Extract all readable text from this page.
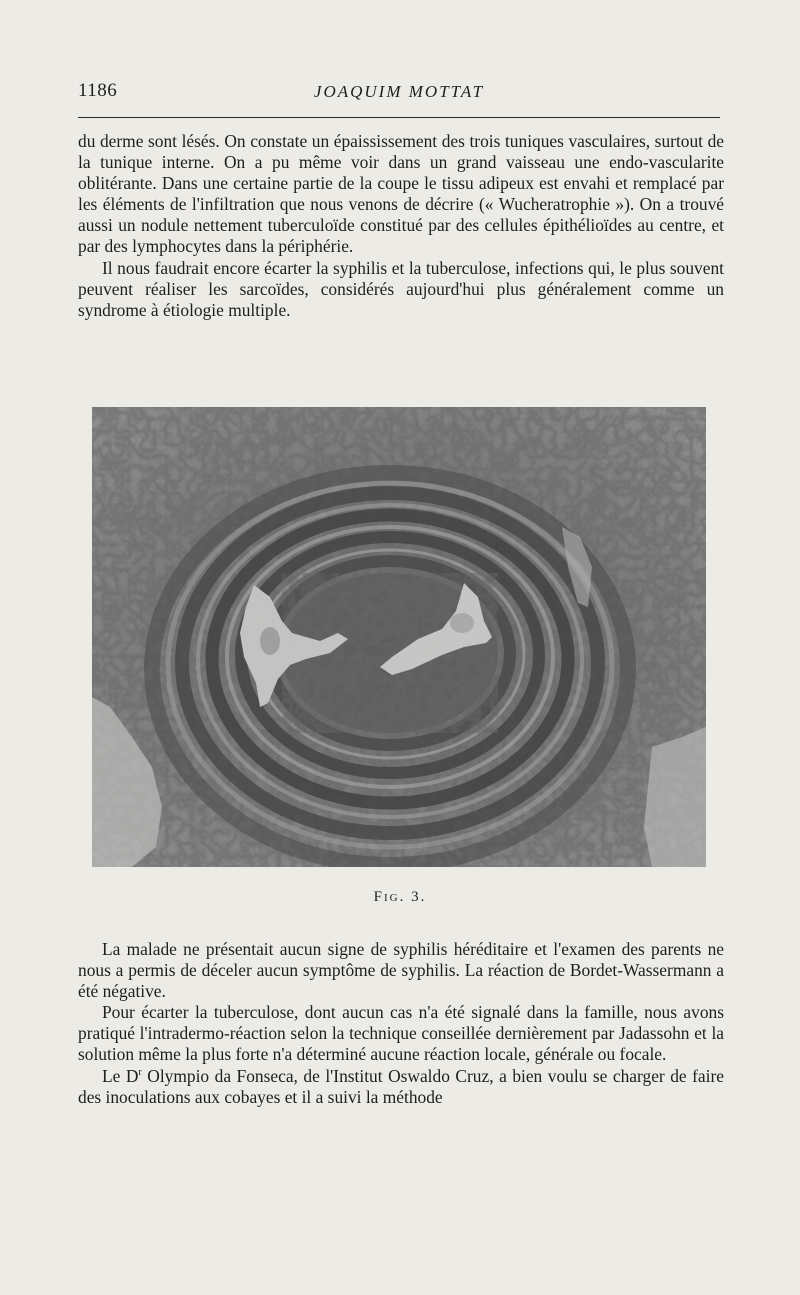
1186	JOAQUIM MOTTAT

du derme sont lésés. On constate un épaississement des trois tuniques vasculaires, surtout de la tunique interne. On a pu même voir dans un grand vaisseau une endo-vascularite oblitérante. Dans une certaine partie de la coupe le tissu adipeux est envahi et remplacé par les éléments de l'infiltration que nous venons de décrire (« Wucheratrophie »). On a trouvé aussi un nodule nettement tuberculoïde constitué par des cellules épithélioïdes au centre, et par des lymphocytes dans la périphérie.

Il nous faudrait encore écarter la syphilis et la tuberculose, infections qui, le plus souvent peuvent réaliser les sarcoïdes, considérés aujourd'hui plus généralement comme un syndrome à étiologie multiple.

Fig. 3.

La malade ne présentait aucun signe de syphilis héréditaire et l'examen des parents ne nous a permis de déceler aucun symptôme de syphilis. La réaction de Bordet-Wassermann a été négative.

Pour écarter la tuberculose, dont aucun cas n'a été signalé dans la famille, nous avons pratiqué l'intradermo-réaction selon la technique conseillée dernièrement par Jadassohn et la solution même la plus forte n'a déterminé aucune réaction locale, générale ou focale.

Le $D^r$ Olympio da Fonseca, de l'Institut Oswaldo Cruz, a bien voulu se charger de faire des inoculations aux cobayes et il a suivi la méthode
